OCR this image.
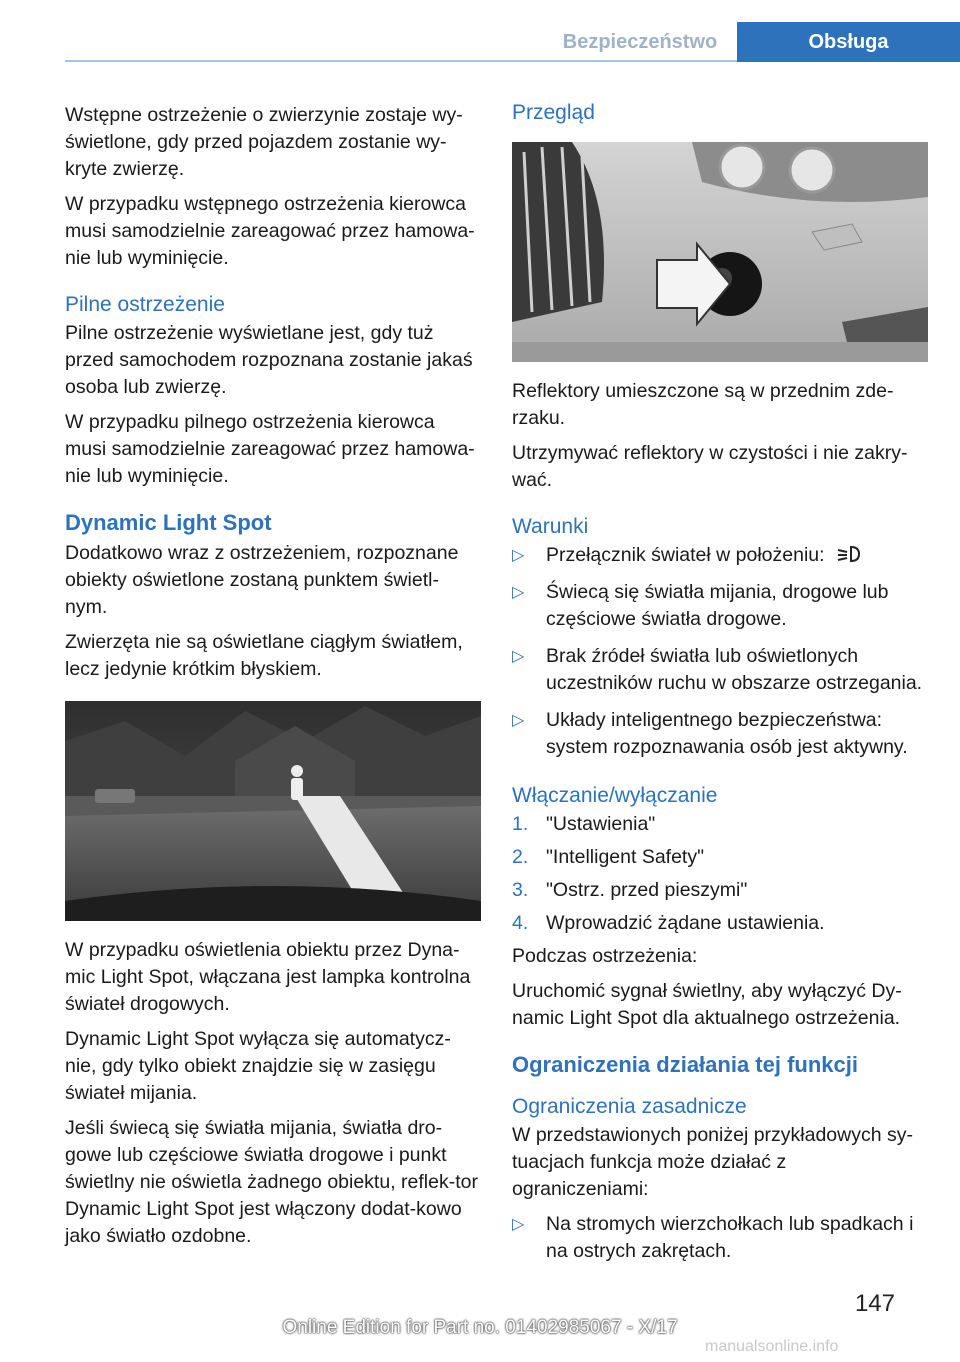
Bezpieczeństwo	Obsługa

Wstępne ostrzeżenie o zwierzynie zostaje wy-świetlone, gdy przed pojazdem zostanie wy-kryte zwierzę.

W przypadku wstępnego ostrzeżenia kierowca musi samodzielnie zareagować przez hamowa-nie lub wyminięcie.

Pilne ostrzeżenie

Pilne ostrzeżenie wyświetlane jest, gdy tuż przed samochodem rozpoznana zostanie jakaś osoba lub zwierzę.

W przypadku pilnego ostrzeżenia kierowca musi samodzielnie zareagować przez hamowa-nie lub wyminięcie.

Dynamic Light Spot

Dodatkowo wraz z ostrzeżeniem, rozpoznane obiekty oświetlone zostaną punktem świetl-nym.

Zwierzęta nie są oświetlane ciągłym światłem, lecz jedynie krótkim błyskiem.

W przypadku oświetlenia obiektu przez Dyna-mic Light Spot, włączana jest lampka kontrolna świateł drogowych.

Dynamic Light Spot wyłącza się automatycz-nie, gdy tylko obiekt znajdzie się w zasięgu świateł mijania.

Jeśli świecą się światła mijania, światła dro-gowe lub częściowe światła drogowe i punkt świetlny nie oświetla żadnego obiektu, reflek-tor Dynamic Light Spot jest włączony dodat-kowo jako światło ozdobne.

Przegląd

Reflektory umieszczone są w przednim zde-rzaku.

Utrzymywać reflektory w czystości i nie zakry-wać.

Warunki
▷	Przełącznik świateł w położeniu:
▷	Świecą się światła mijania, drogowe lub częściowe światła drogowe.
▷	Brak źródeł światła lub oświetlonych uczestników ruchu w obszarze ostrzegania.
▷	Układy inteligentnego bezpieczeństwa: system rozpoznawania osób jest aktywny.
Włączanie/wyłączanie
1. "Ustawienia"
2. "Intelligent Safety"
3. "Ostrz. przed pieszymi"
4. Wprowadzić żądane ustawienia.

Podczas ostrzeżenia:

Uruchomić sygnał świetlny, aby wyłączyć Dy-namic Light Spot dla aktualnego ostrzeżenia.

Ograniczenia działania tej funkcji
Ograniczenia zasadnicze

W przedstawionych poniżej przykładowych sy-tuacjach funkcja może działać z ograniczeniami:

▷	Na stromych wierzchołkach lub spadkach i na ostrych zakrętach.
147
Online Edition for Part no. 01402985067 - X/17
manualsonline.info
